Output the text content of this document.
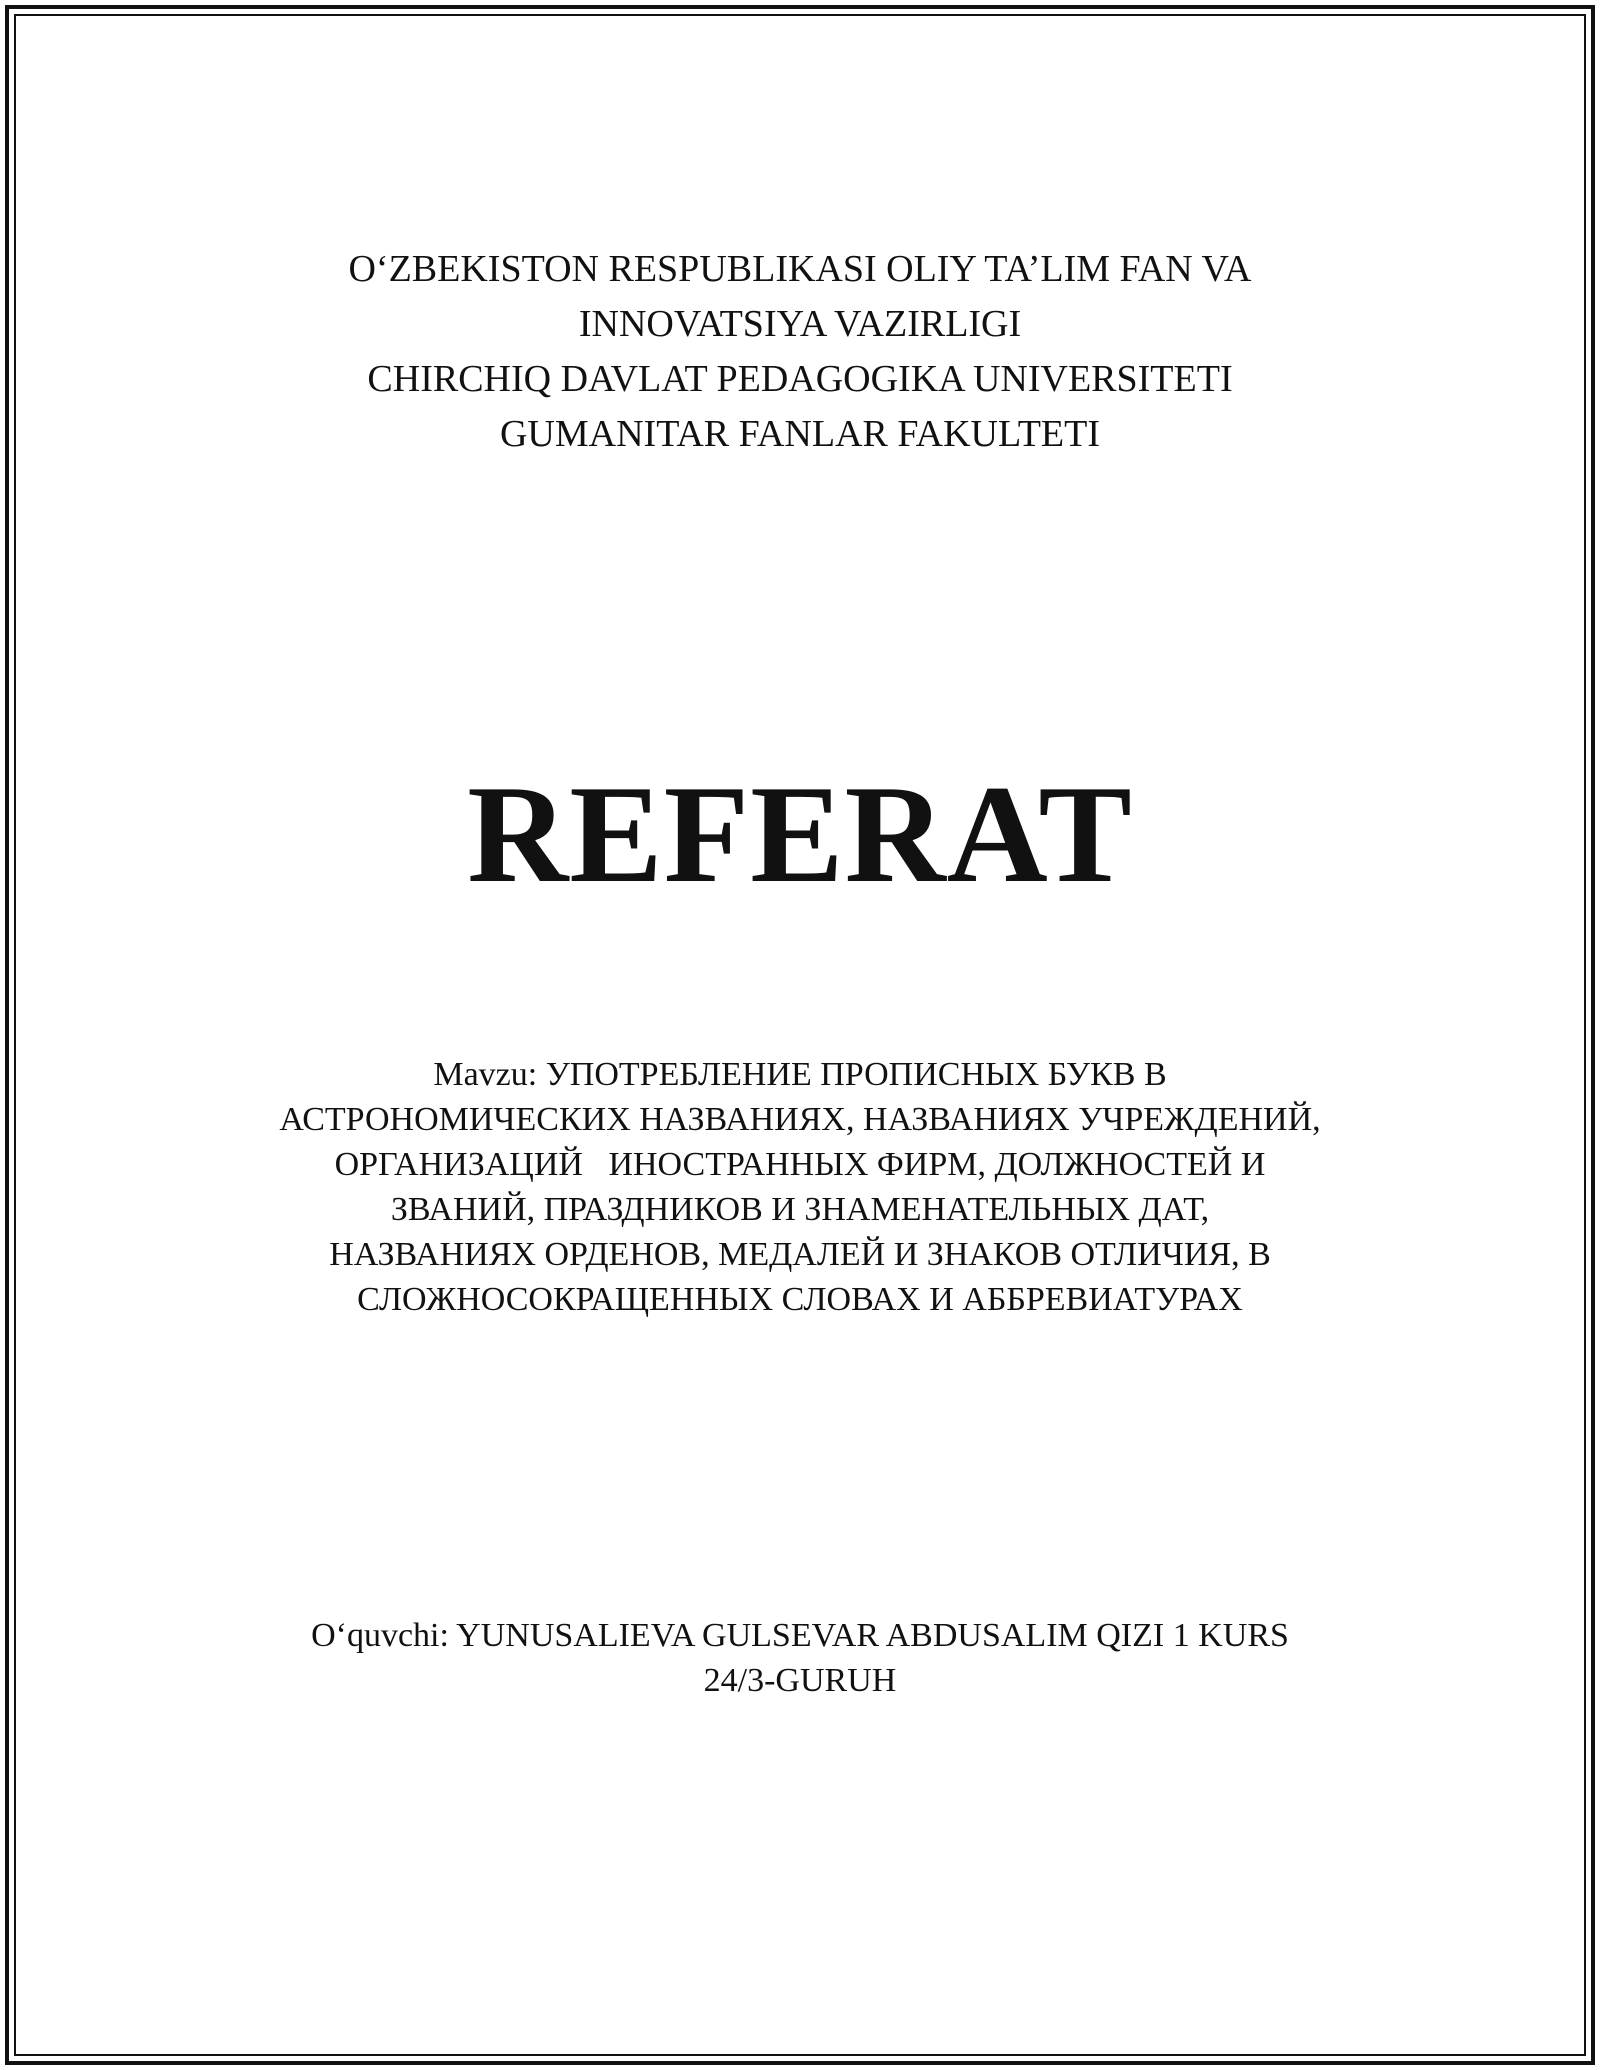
O‘ZBEKISTON RESPUBLIKASI OLIY TA’LIM FAN VA
INNOVATSIYA VAZIRLIGI
CHIRCHIQ DAVLAT PEDAGOGIKA UNIVERSITETI
GUMANITAR FANLAR FAKULTETI
REFERAT
Mavzu: УПОТРЕБЛЕНИЕ ПРОПИСНЫХ БУКВ В
АСТРОНОМИЧЕСКИХ НАЗВАНИЯХ, НАЗВАНИЯХ УЧРЕЖДЕНИЙ,
ОРГАНИЗАЦИЙ   ИНОСТРАННЫХ ФИРМ, ДОЛЖНОСТЕЙ И
ЗВАНИЙ, ПРАЗДНИКОВ И ЗНАМЕНАТЕЛЬНЫХ ДАТ,
НАЗВАНИЯХ ОРДЕНОВ, МЕДАЛЕЙ И ЗНАКОВ ОТЛИЧИЯ, В
СЛОЖНОСОКРАЩЕННЫХ СЛОВАХ И АББРЕВИАТУРАХ
O‘quvchi: YUNUSALIEVA GULSEVAR ABDUSALIM QIZI 1 KURS
24/3-GURUH
